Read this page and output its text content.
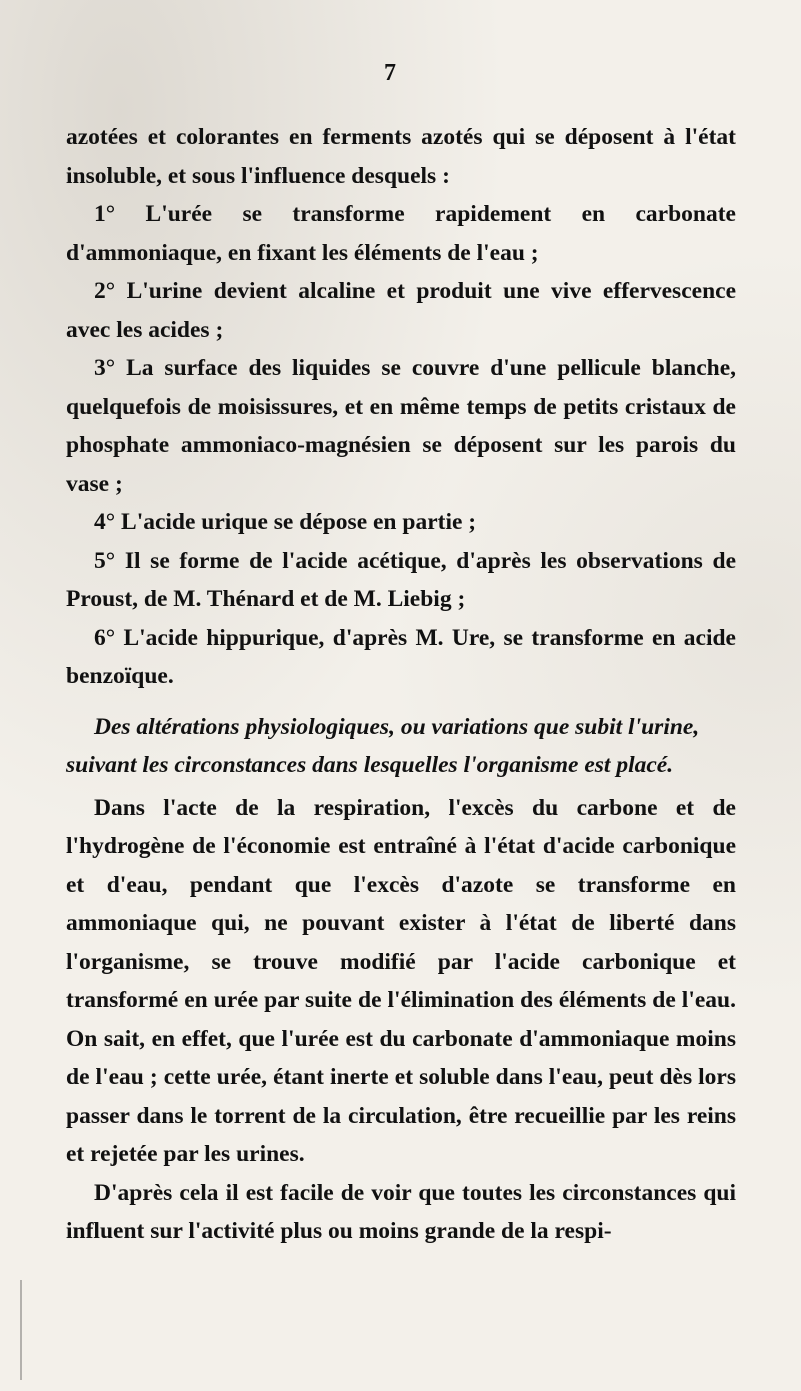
7

azotées et colorantes en ferments azotés qui se déposent à l'état insoluble, et sous l'influence desquels :

1° L'urée se transforme rapidement en carbonate d'ammoniaque, en fixant les éléments de l'eau ;

2° L'urine devient alcaline et produit une vive effervescence avec les acides ;

3° La surface des liquides se couvre d'une pellicule blanche, quelquefois de moisissures, et en même temps de petits cristaux de phosphate ammoniaco-magnésien se déposent sur les parois du vase ;

4° L'acide urique se dépose en partie ;

5° Il se forme de l'acide acétique, d'après les observations de Proust, de M. Thénard et de M. Liebig ;

6° L'acide hippurique, d'après M. Ure, se transforme en acide benzoïque.

Des altérations physiologiques, ou variations que subit l'urine, suivant les circonstances dans lesquelles l'organisme est placé.

Dans l'acte de la respiration, l'excès du carbone et de l'hydrogène de l'économie est entraîné à l'état d'acide carbonique et d'eau, pendant que l'excès d'azote se transforme en ammoniaque qui, ne pouvant exister à l'état de liberté dans l'organisme, se trouve modifié par l'acide carbonique et transformé en urée par suite de l'élimination des éléments de l'eau. On sait, en effet, que l'urée est du carbonate d'ammoniaque moins de l'eau ; cette urée, étant inerte et soluble dans l'eau, peut dès lors passer dans le torrent de la circulation, être recueillie par les reins et rejetée par les urines.

D'après cela il est facile de voir que toutes les circonstances qui influent sur l'activité plus ou moins grande de la respi-
